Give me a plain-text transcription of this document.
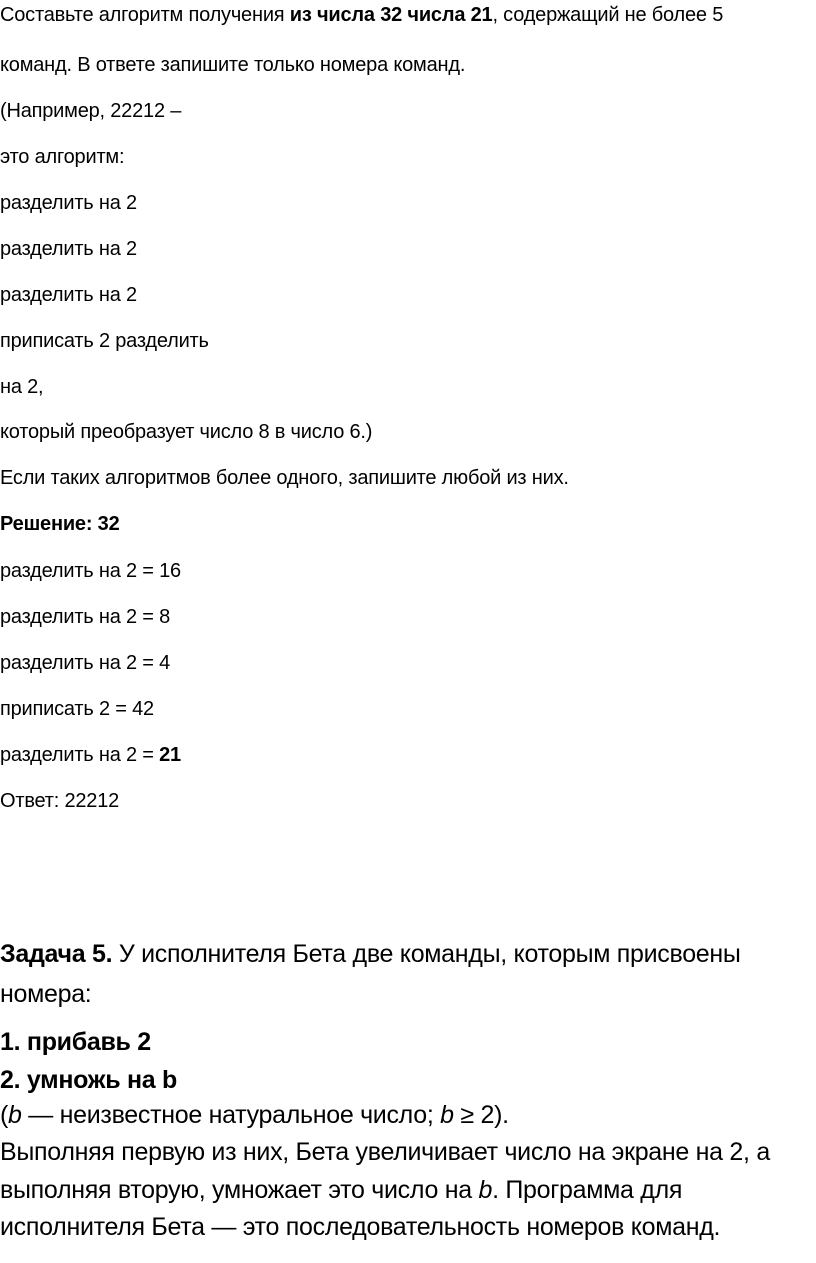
Составьте алгоритм получения из числа 32 числа 21, содержащий не более 5

команд. В ответе запишите только номера команд.

(Например, 22212 –

это алгоритм:

разделить на 2

разделить на 2

разделить на 2

приписать 2 разделить

на 2,

который преобразует число 8 в число 6.)

Если таких алгоритмов более одного, запишите любой из них.

Решение: 32

разделить на 2 = 16

разделить на 2 = 8

разделить на 2 = 4

приписать 2 = 42

разделить на 2 = 21

Ответ: 22212

Задача 5. У исполнителя Бета две команды, которым присвоены

номера:

1. прибавь 2

2. умножь на b

(b — неизвестное натуральное число; b ≥ 2).

Выполняя первую из них, Бета увеличивает число на экране на 2, а

выполняя вторую, умножает это число на b. Программа для

исполнителя Бета — это последовательность номеров команд.
